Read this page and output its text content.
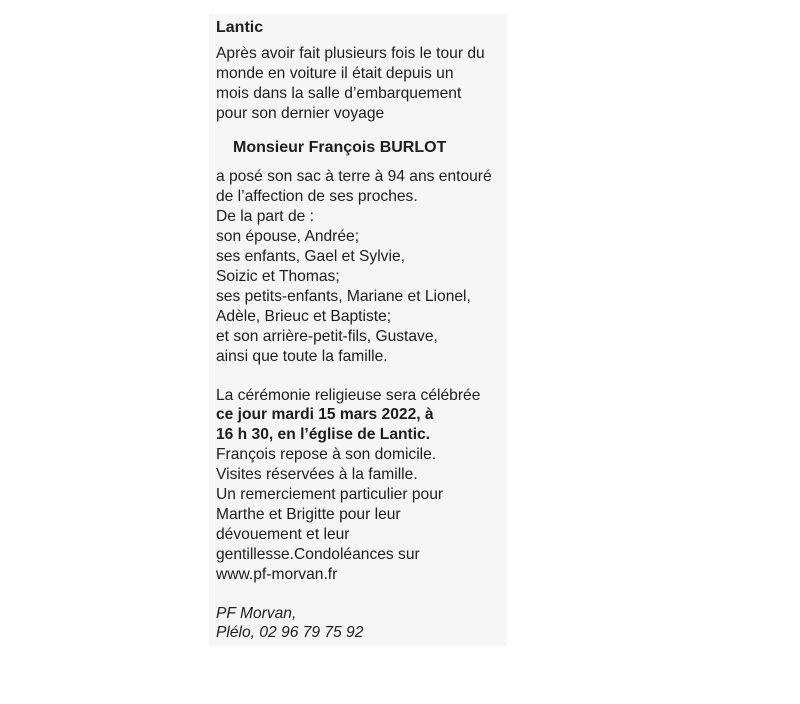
Lantic

Après avoir fait plusieurs fois le tour du

monde en voiture il était depuis un

mois dans la salle d’embarquement

pour son dernier voyage

Monsieur François BURLOT

a posé son sac à terre à 94 ans entouré

de l’affection de ses proches.

De la part de :

son épouse, Andrée;

ses enfants, Gael et Sylvie,

Soizic et Thomas;

ses petits-enfants, Mariane et Lionel,

Adèle, Brieuc et Baptiste;

et son arrière-petit-fils, Gustave,

ainsi que toute la famille.

La cérémonie religieuse sera célébrée

ce jour mardi 15 mars 2022, à

16 h 30, en l’église de Lantic.

François repose à son domicile.

Visites réservées à la famille.

Un remerciement particulier pour

Marthe et Brigitte pour leur

dévouement et leur

gentillesse.Condoléances sur

www.pf-morvan.fr

PF Morvan,

Plélo, 02 96 79 75 92
